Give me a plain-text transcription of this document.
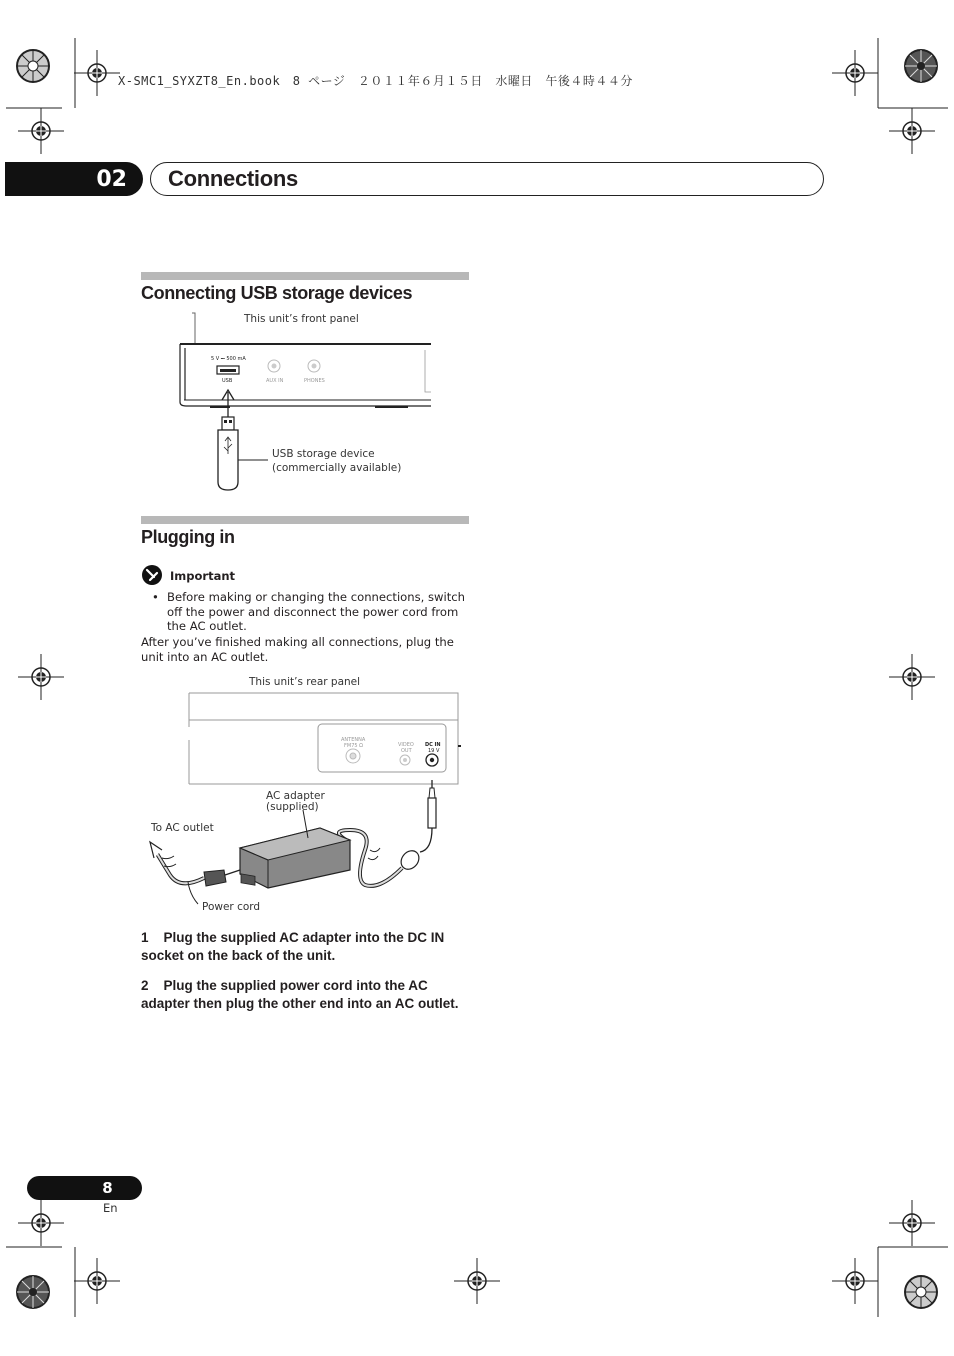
X-SMC1_SYXZT8_En.book　8 ページ　２０１１年６月１５日　水曜日　午後４時４４分
02	Connections
Connecting USB storage devices
This unit’s front panel
5 V ⎓ 500 mA
USB	AUX IN	PHONES
USB storage device
(commercially available)
Plugging in
Important
• Before making or changing the connections, switch off the power and disconnect the power cord from the AC outlet.
After you’ve finished making all connections, plug the unit into an AC outlet.
This unit’s rear panel
ANTENNA
FM75 Ω	VIDEO
OUT
DC IN
19 V
AC adapter
(supplied)
To AC outlet
Power cord
1 Plug the supplied AC adapter into the DC IN socket on the back of the unit.
2 Plug the supplied power cord into the AC adapter then plug the other end into an AC outlet.
8
En
